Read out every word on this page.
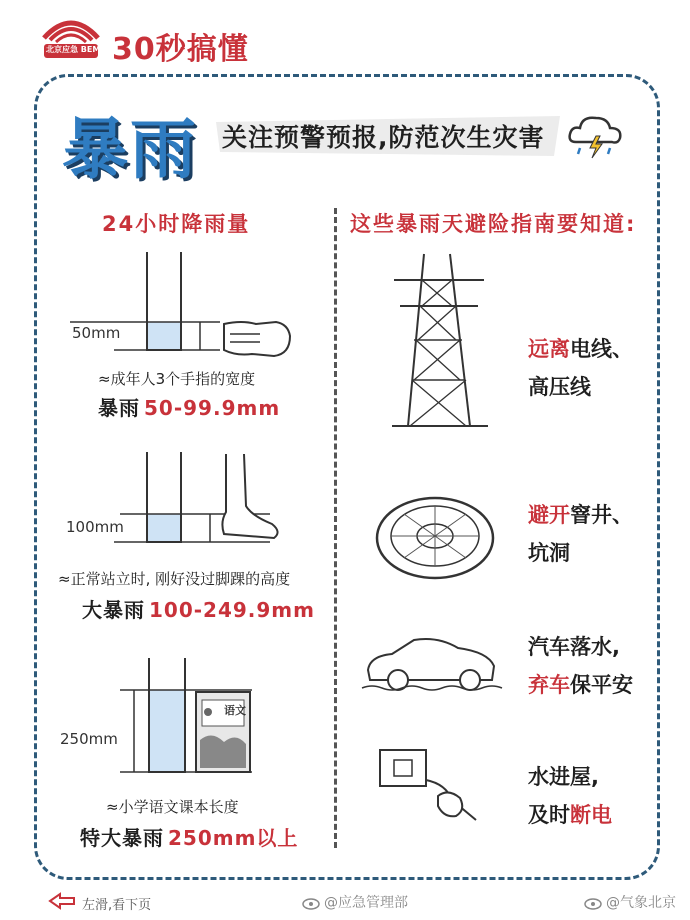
北京应急 BEM 30秒搞懂
暴雨 关注预警预报,防范次生灾害
24小时降雨量	这些暴雨天避险指南要知道:
50mm
≈成年人3个手指的宽度
暴雨 50-99.9mm
100mm
≈正常站立时, 刚好没过脚踝的高度
大暴雨 100-249.9mm
语文
250mm
≈小学语文课本长度
特大暴雨 250mm以上
远离电线、
高压线
避开窨井、
坑洞
汽车落水,
弃车保平安
水进屋,
及时断电
左滑,看下页	@应急管理部	@气象北京
